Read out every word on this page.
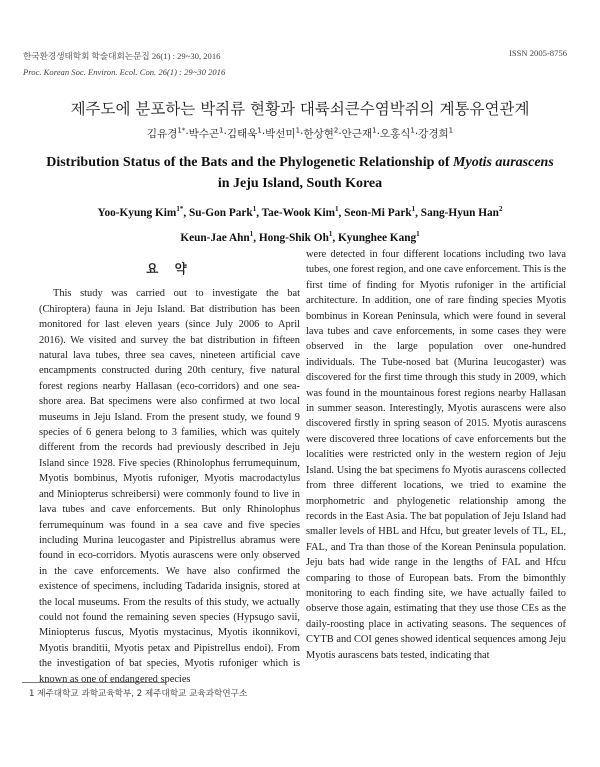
한국환경생태학회 학술대회논문집 26(1) : 29~30, 2016
Proc. Korean Soc. Environ. Ecol. Con. 26(1) : 29~30 2016
ISSN 2005-8756
제주도에 분포하는 박쥐류 현황과 대륙쇠큰수염박쥐의 계통유연관계
김유경$^{1*}$·박수곤$^1$·김태욱$^1$·박선미$^1$·한상현$^2$·안근재$^1$·오홍식$^1$·강경희$^1$
Distribution Status of the Bats and the Phylogenetic Relationship of Myotis aurascens
in Jeju Island, South Korea
Yoo-Kyung Kim$^{1*}$, Su-Gon Park$^1$, Tae-Wook Kim$^1$, Seon-Mi Park$^1$, Sang-Hyun Han$^2$
Keun-Jae Ahn$^1$, Hong-Shik Oh$^1$, Kyunghee Kang$^1$
요 약

This study was carried out to investigate the bat (Chiroptera) fauna in Jeju Island. Bat distribution has been monitored for last eleven years (since July 2006 to April 2016). We visited and survey the bat distribution in fifteen natural lava tubes, three sea caves, nineteen artificial cave encampments constructed during 20th century, five natural forest regions nearby Hallasan (eco-corridors) and one sea-shore area. Bat specimens were also confirmed at two local museums in Jeju Island. From the present study, we found 9 species of 6 genera belong to 3 families, which was quitely different from the records had previously described in Jeju Island since 1928. Five species (Rhinolophus ferrumequinum, Myotis bombinus, Myotis rufoniger, Myotis macrodactylus and Miniopterus schreibersi) were commonly found to live in lava tubes and cave enforcements. But only Rhinolophus ferrumequinum was found in a sea cave and five species including Murina leucogaster and Pipistrellus abramus were found in eco-corridors. Myotis aurascens were only observed in the cave enforcements. We have also confirmed the existence of specimens, including Tadarida insignis, stored at the local museums. From the results of this study, we actually could not found the remaining seven species (Hypsugo savii, Miniopterus fuscus, Myotis mystacinus, Myotis ikonnikovi, Myotis branditii, Myotis petax and Pipistrellus endoi). From the investigation of bat species, Myotis rufoniger which is known as one of endangered species

were detected in four different locations including two lava tubes, one forest region, and one cave enforcement. This is the first time of finding for Myotis rufoniger in the artificial architecture. In addition, one of rare finding species Myotis bombinus in Korean Peninsula, which were found in several lava tubes and cave enforcements, in some cases they were observed in the large population over one-hundred individuals. The Tube-nosed bat (Murina leucogaster) was discovered for the first time through this study in 2009, which was found in the mountainous forest regions nearby Hallasan in summer season. Interestingly, Myotis aurascens were also discovered firstly in spring season of 2015. Myotis aurascens were discovered three locations of cave enforcements but the localities were restricted only in the western region of Jeju Island. Using the bat specimens fo Myotis aurascens collected from three different locations, we tried to examine the morphometric and phylogenetic relationship among the records in the East Asia. The bat population of Jeju Island had smaller levels of HBL and Hfcu, but greater levels of TL, EL, FAL, and Tra than those of the Korean Peninsula population. Jeju bats had wide range in the lengths of FAL and Hfcu comparing to those of European bats. From the bimonthly monitoring to each finding site, we have actually failed to observe those again, estimating that they use those CEs as the daily-roosting place in activating seasons. The sequences of CYTB and COI genes showed identical sequences among Jeju Myotis aurascens bats tested, indicating that

1 제주대학교 과학교육학부, 2 제주대학교 교육과학연구소
